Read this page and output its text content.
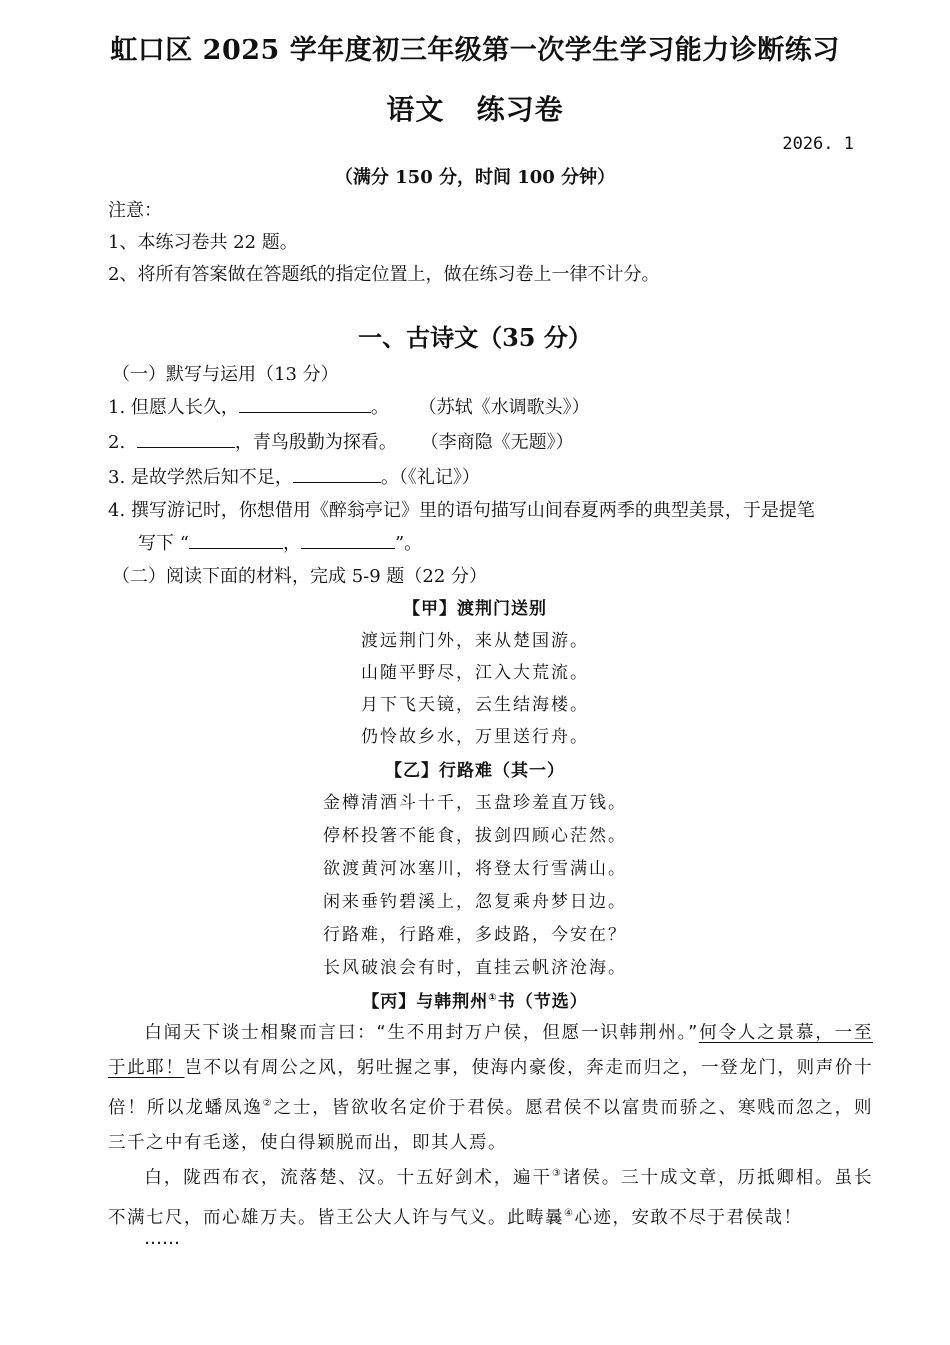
虹口区 2025 学年度初三年级第一次学生学习能力诊断练习
语文   练习卷
2026. 1
（满分 150 分，时间 100 分钟）
注意：
1、本练习卷共 22 题。
2、将所有答案做在答题纸的指定位置上，做在练习卷上一律不计分。
一、古诗文（35 分）
（一）默写与运用（13 分）
1. 但愿人长久，	。 （苏轼《水调歌头》）
2.	，青鸟殷勤为探看。 （李商隐《无题》）
3. 是故学然后知不足，	。（《礼记》）
4. 撰写游记时，你想借用《醉翁亭记》里的语句描写山间春夏两季的典型美景，于是提笔
写下 “	，	”。
（二）阅读下面的材料，完成 5-9 题（22 分）
【甲】渡荆门送别
渡远荆门外，来从楚国游。
山随平野尽，江入大荒流。
月下飞天镜，云生结海楼。
仍怜故乡水，万里送行舟。
【乙】行路难（其一）
金樽清酒斗十千，玉盘珍羞直万钱。
停杯投箸不能食，拔剑四顾心茫然。
欲渡黄河冰塞川，将登太行雪满山。
闲来垂钓碧溪上，忽复乘舟梦日边。
行路难，行路难，多歧路，今安在？
长风破浪会有时，直挂云帆济沧海。
【丙】与韩荆州①书（节选）
白闻天下谈士相聚而言曰：“生不用封万户侯，但愿一识韩荆州。”何令人之景慕，一至于此耶！岂不以有周公之风，躬吐握之事，使海内豪俊，奔走而归之，一登龙门，则声价十倍！所以龙蟠凤逸②之士，皆欲收名定价于君侯。愿君侯不以富贵而骄之、寒贱而忽之，则三千之中有毛遂，使白得颖脱而出，即其人焉。
白，陇西布衣，流落楚、汉。十五好剑术，遍干③诸侯。三十成文章，历抵卿相。虽长不满七尺，而心雄万夫。皆王公大人许与气义。此畴曩④心迹，安敢不尽于君侯哉！
……
